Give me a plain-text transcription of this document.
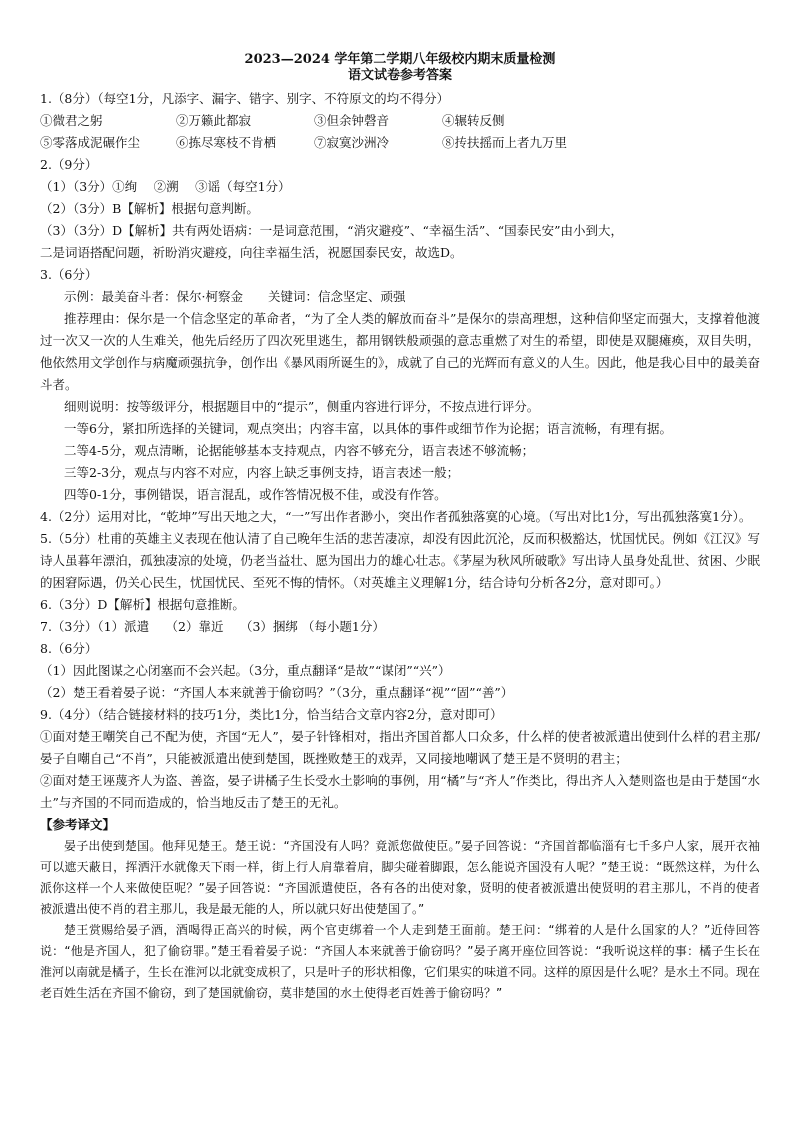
2023—2024 学年第二学期八年级校内期末质量检测

语文试卷参考答案

1.（8分）（每空1分，凡添字、漏字、错字、别字、不符原文的均不得分）

①微君之躬	②万籁此都寂	③但余钟磬音	④辗转反侧
⑤零落成泥碾作尘	⑥拣尽寒枝不肯栖	⑦寂寞沙洲冷	⑧抟扶摇而上者九万里

2.（9分）

（1）（3分）①绚　 ②溯　 ③谣（每空1分）

（2）（3分）B【解析】根据句意判断。

（3）（3分）D【解析】共有两处语病：一是词意范围，“消灾避疫”、“幸福生活”、“国泰民安”由小到大，

二是词语搭配问题，祈盼消灾避疫，向往幸福生活，祝愿国泰民安，故选D。

3.（6分）

示例：最美奋斗者：保尔·柯察金　　关键词：信念坚定、顽强

推荐理由：保尔是一个信念坚定的革命者，“为了全人类的解放而奋斗”是保尔的崇高理想，这种信仰坚定而强大，支撑着他渡过一次又一次的人生难关，他先后经历了四次死里逃生，都用钢铁般顽强的意志重燃了对生的希望，即使是双腿瘫痪，双目失明，他依然用文学创作与病魔顽强抗争，创作出《暴风雨所诞生的》，成就了自己的光辉而有意义的人生。因此，他是我心目中的最美奋斗者。

细则说明：按等级评分，根据题目中的“提示”，侧重内容进行评分，不按点进行评分。

一等6分，紧扣所选择的关键词，观点突出；内容丰富，以具体的事件或细节作为论据；语言流畅，有理有据。

二等4-5分，观点清晰，论据能够基本支持观点，内容不够充分，语言表述不够流畅；

三等2-3分，观点与内容不对应，内容上缺乏事例支持，语言表述一般；

四等0-1分，事例错误，语言混乱，或作答情况极不佳，或没有作答。

4.（2分）运用对比，“乾坤”写出天地之大，“一”写出作者渺小，突出作者孤独落寞的心境。（写出对比1分，写出孤独落寞1分）。

5.（5分）杜甫的英雄主义表现在他认清了自己晚年生活的悲苦凄凉，却没有因此沉沦，反而积极豁达，忧国忧民。例如《江汉》写诗人虽暮年漂泊，孤独凄凉的处境，仍老当益壮、愿为国出力的雄心壮志。《茅屋为秋风所破歌》写出诗人虽身处乱世、贫困、少眠的困窘际遇，仍关心民生，忧国忧民、至死不悔的情怀。（对英雄主义理解1分，结合诗句分析各2分，意对即可。）

6.（3分）D【解析】根据句意推断。

7.（3分）（1）派遣　 （2）靠近　 （3）捆绑 （每小题1分）

8.（6分）

（1）因此图谋之心闭塞而不会兴起。（3分，重点翻译“是故”“谋闭”“兴”）

（2）楚王看着晏子说：“齐国人本来就善于偷窃吗？”（3分，重点翻译“视”“固”“善”）

9.（4分）（结合链接材料的技巧1分，类比1分，恰当结合文章内容2分，意对即可）

①面对楚王嘲笑自己不配为使，齐国“无人”，晏子针锋相对，指出齐国首都人口众多，什么样的使者被派遣出使到什么样的君主那/晏子自嘲自己“不肖”，只能被派遣出使到楚国，既挫败楚王的戏弄，又同接地嘲讽了楚王是不贤明的君主；

②面对楚王诬蔑齐人为盗、善盗，晏子讲橘子生长受水土影响的事例，用“橘”与“齐人”作类比，得出齐人入楚则盗也是由于楚国“水土”与齐国的不同而造成的，恰当地反击了楚王的无礼。

【参考译文】

晏子出使到楚国。他拜见楚王。楚王说：“齐国没有人吗？竟派您做使臣。”晏子回答说：“齐国首都临淄有七千多户人家，展开衣袖可以遮天蔽日，挥洒汗水就像天下雨一样，街上行人肩靠着肩，脚尖碰着脚跟，怎么能说齐国没有人呢？”楚王说：“既然这样，为什么派你这样一个人来做使臣呢？”晏子回答说：“齐国派遣使臣，各有各的出使对象，贤明的使者被派遣出使贤明的君主那儿，不肖的使者被派遣出使不肖的君主那儿，我是最无能的人，所以就只好出使楚国了。”

楚王赏赐给晏子酒，酒喝得正高兴的时候，两个官吏绑着一个人走到楚王面前。楚王问：“绑着的人是什么国家的人？”近侍回答说：“他是齐国人，犯了偷窃罪。”楚王看着晏子说：“齐国人本来就善于偷窃吗？”晏子离开座位回答说：“我听说这样的事：橘子生长在淮河以南就是橘子，生长在淮河以北就变成枳了，只是叶子的形状相像，它们果实的味道不同。这样的原因是什么呢？是水土不同。现在老百姓生活在齐国不偷窃，到了楚国就偷窃，莫非楚国的水土使得老百姓善于偷窃吗？”
